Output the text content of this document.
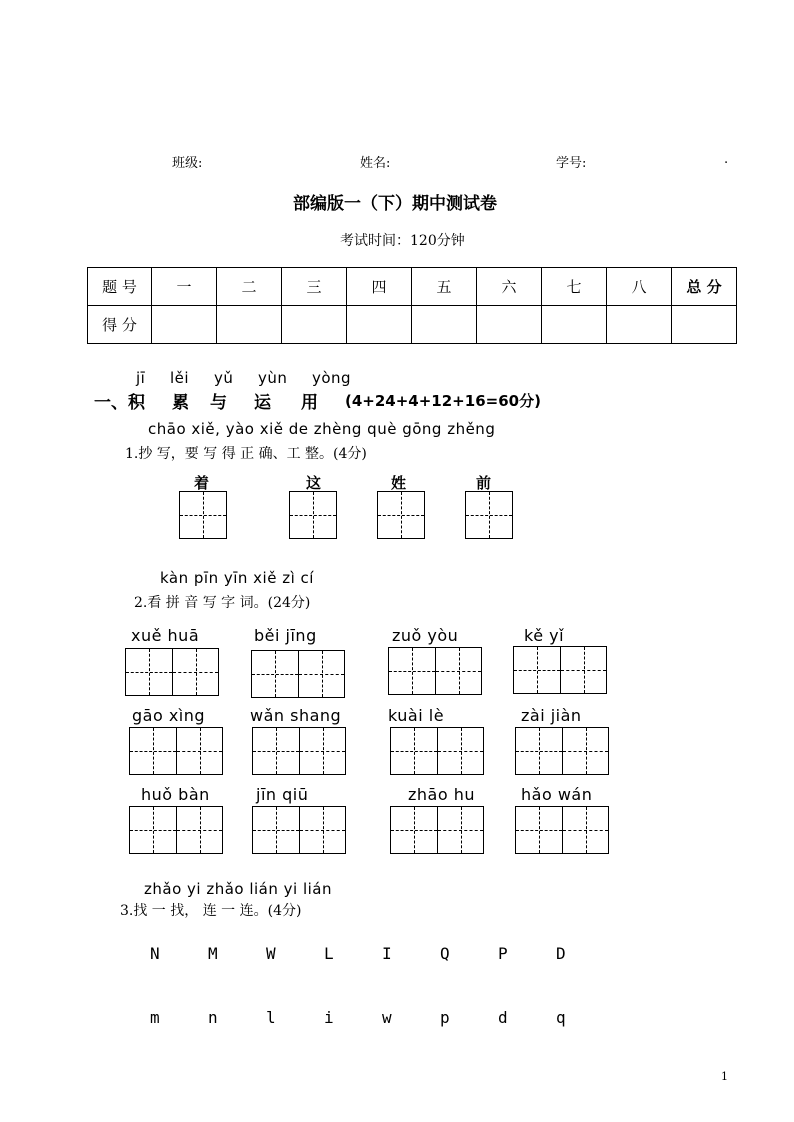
班级:	姓名:	学号:	.
部编版一（下）期中测试卷
考试时间：120分钟
题 号	一	二	三	四	五	六	七	八	总 分
得 分									
jī lěi yǔ yùn yòng
一、积 累 与 运 用 (4+24+4+12+16=60分)
chāo xiě, yào xiě de zhèng què gōng zhěng
1.抄 写，要 写 得 正 确、工 整。(4分)
着	这	姓	前
kàn pīn yīn xiě zì cí
2.看 拼 音 写 字 词。(24分)
xuě huā	běi jīng	zuǒ yòu	kě yǐ
gāo xìng	wǎn shang	kuài lè	zài jiàn
huǒ bàn	jīn qiū	zhāo hu	hǎo wán
zhǎo yi zhǎo lián yi lián
3.找 一 找， 连 一 连。(4分)
N	M	W	L	I	Q	P	D
m	n	l	i	w	p	d	q
1
